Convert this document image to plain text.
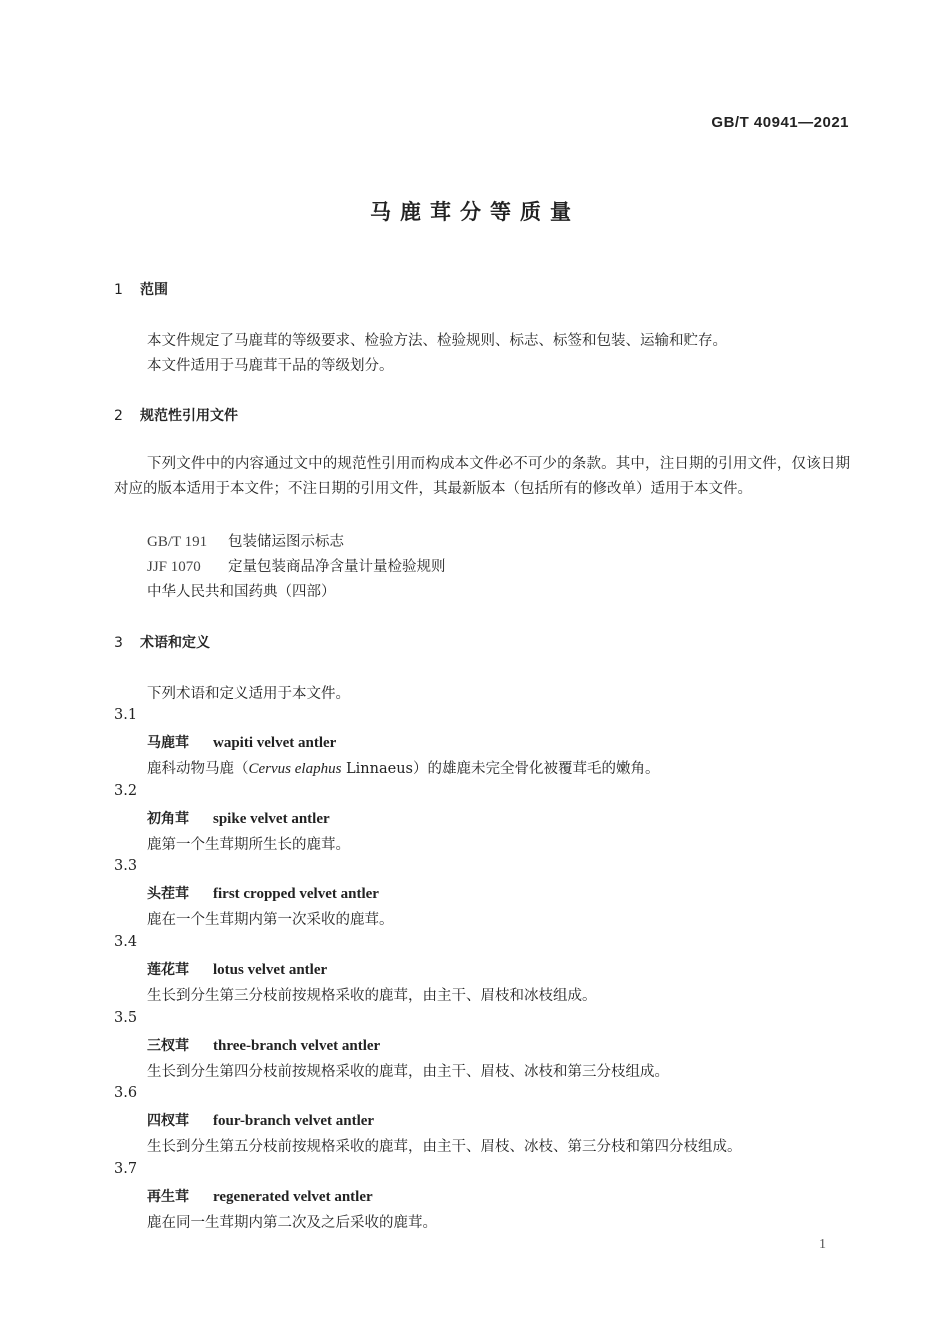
GB/T 40941—2021
马鹿茸分等质量
1 范围
本文件规定了马鹿茸的等级要求、检验方法、检验规则、标志、标签和包装、运输和贮存。
本文件适用于马鹿茸干品的等级划分。
2 规范性引用文件
下列文件中的内容通过文中的规范性引用而构成本文件必不可少的条款。其中，注日期的引用文件，仅该日期对应的版本适用于本文件；不注日期的引用文件，其最新版本（包括所有的修改单）适用于本文件。
GB/T 191 包装储运图示标志
JJF 1070 定量包装商品净含量计量检验规则
中华人民共和国药典（四部）
3 术语和定义
下列术语和定义适用于本文件。
3.1
马鹿茸 wapiti velvet antler
鹿科动物马鹿（Cervus elaphus Linnaeus）的雄鹿未完全骨化被覆茸毛的嫩角。
3.2
初角茸 spike velvet antler
鹿第一个生茸期所生长的鹿茸。
3.3
头茬茸 first cropped velvet antler
鹿在一个生茸期内第一次采收的鹿茸。
3.4
莲花茸 lotus velvet antler
生长到分生第三分枝前按规格采收的鹿茸，由主干、眉枝和冰枝组成。
3.5
三杈茸 three-branch velvet antler
生长到分生第四分枝前按规格采收的鹿茸，由主干、眉枝、冰枝和第三分枝组成。
3.6
四杈茸 four-branch velvet antler
生长到分生第五分枝前按规格采收的鹿茸，由主干、眉枝、冰枝、第三分枝和第四分枝组成。
3.7
再生茸 regenerated velvet antler
鹿在同一生茸期内第二次及之后采收的鹿茸。
1
